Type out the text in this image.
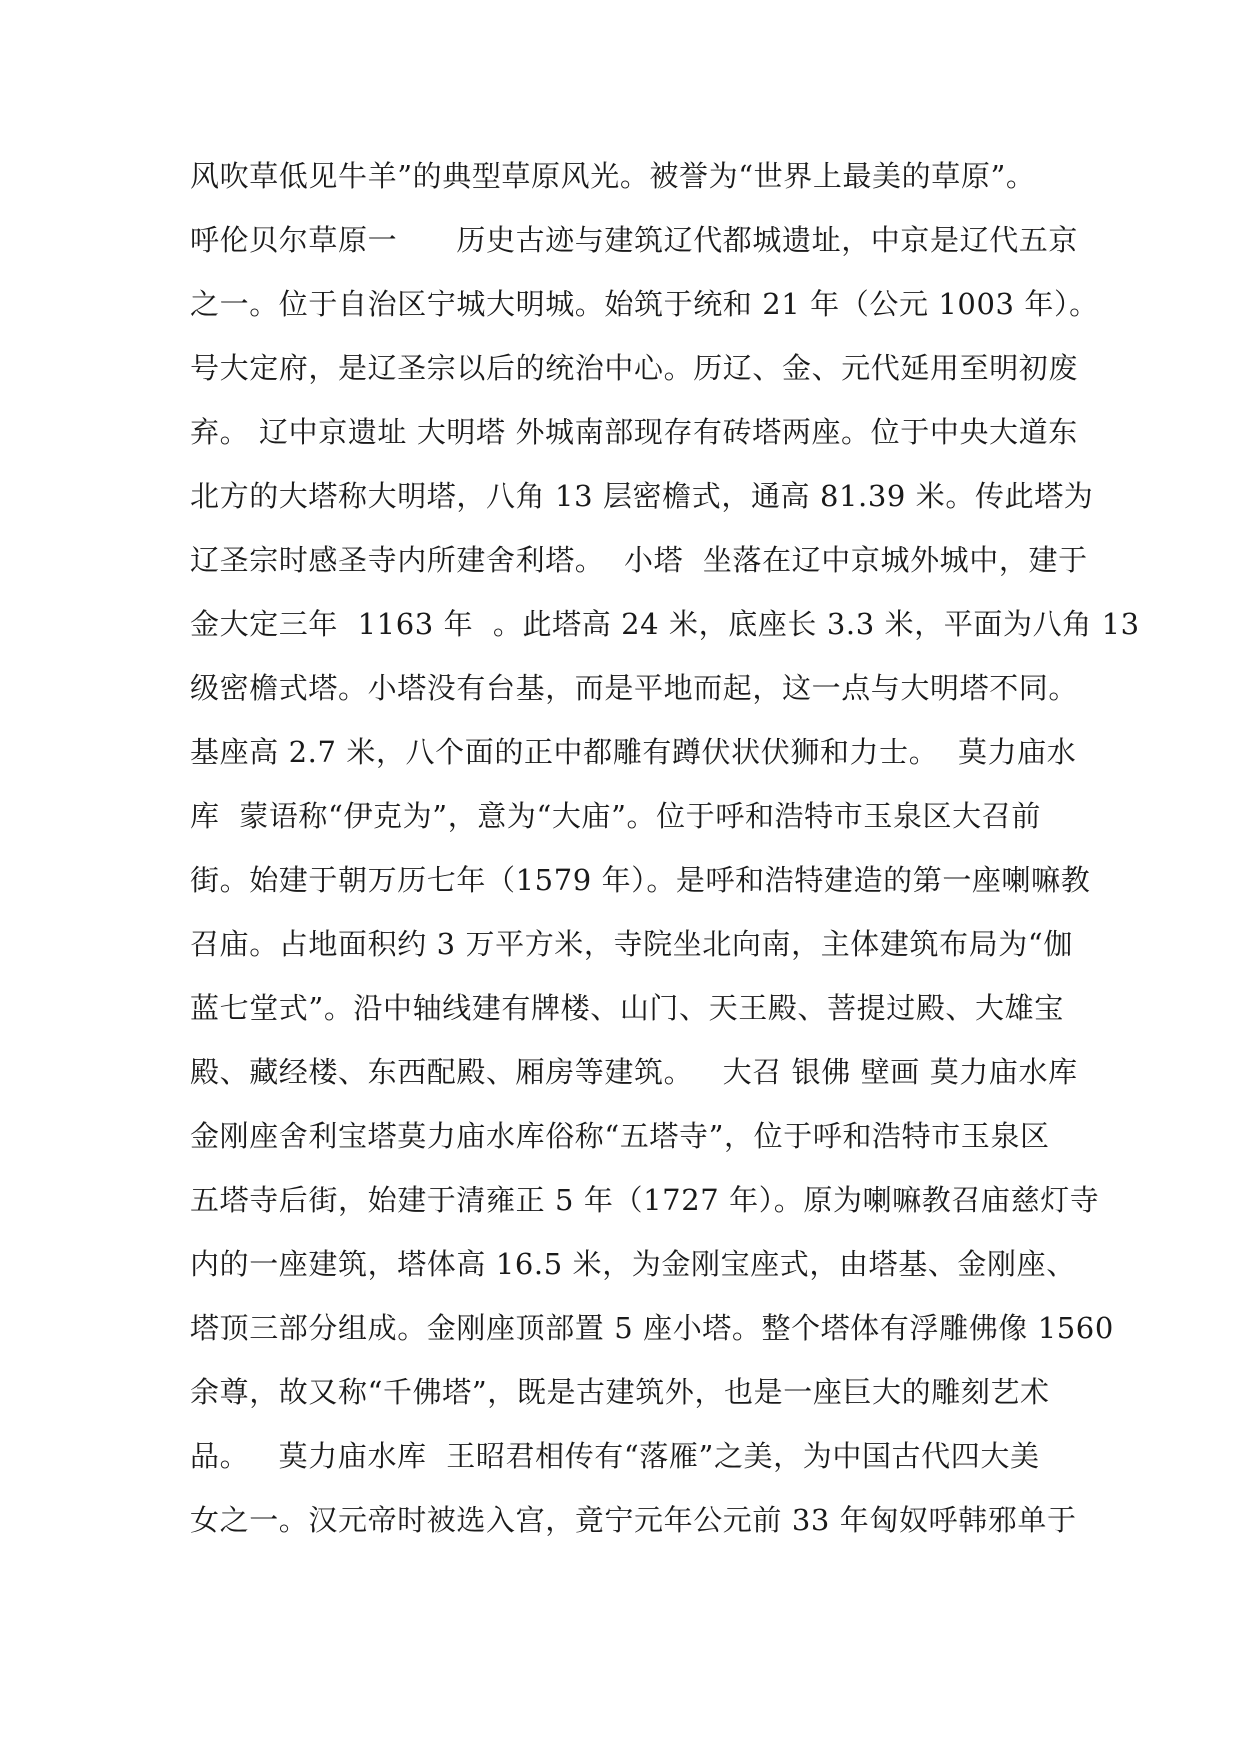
风吹草低见牛羊”的典型草原风光。被誉为“世界上最美的草原”。
呼伦贝尔草原一　　历史古迹与建筑辽代都城遗址，中京是辽代五京
之一。位于自治区宁城大明城。始筑于统和 21 年（公元 1003 年）。
号大定府，是辽圣宗以后的统治中心。历辽、金、元代延用至明初废
弃。 辽中京遗址 大明塔 外城南部现存有砖塔两座。位于中央大道东
北方的大塔称大明塔，八角 13 层密檐式，通高 81.39 米。传此塔为
辽圣宗时感圣寺内所建舍利塔。  小塔  坐落在辽中京城外城中，建于
金大定三年  1163 年  。此塔高 24 米，底座长 3.3 米，平面为八角 13
级密檐式塔。小塔没有台基，而是平地而起，这一点与大明塔不同。
基座高 2.7 米，八个面的正中都雕有蹲伏状伏狮和力士。  莫力庙水
库  蒙语称“伊克为”，意为“大庙”。位于呼和浩特市玉泉区大召前
街。始建于朝万历七年（1579 年）。是呼和浩特建造的第一座喇嘛教
召庙。占地面积约 3 万平方米，寺院坐北向南，主体建筑布局为“伽
蓝七堂式”。沿中轴线建有牌楼、山门、天王殿、菩提过殿、大雄宝
殿、藏经楼、东西配殿、厢房等建筑。   大召 银佛 壁画 莫力庙水库
金刚座舍利宝塔莫力庙水库俗称“五塔寺”，位于呼和浩特市玉泉区
五塔寺后街，始建于清雍正 5 年（1727 年）。原为喇嘛教召庙慈灯寺
内的一座建筑，塔体高 16.5 米，为金刚宝座式，由塔基、金刚座、
塔顶三部分组成。金刚座顶部置 5 座小塔。整个塔体有浮雕佛像 1560
余尊，故又称“千佛塔”，既是古建筑外，也是一座巨大的雕刻艺术
品。   莫力庙水库  王昭君相传有“落雁”之美，为中国古代四大美
女之一。汉元帝时被选入宫，竟宁元年公元前 33 年匈奴呼韩邪单于
